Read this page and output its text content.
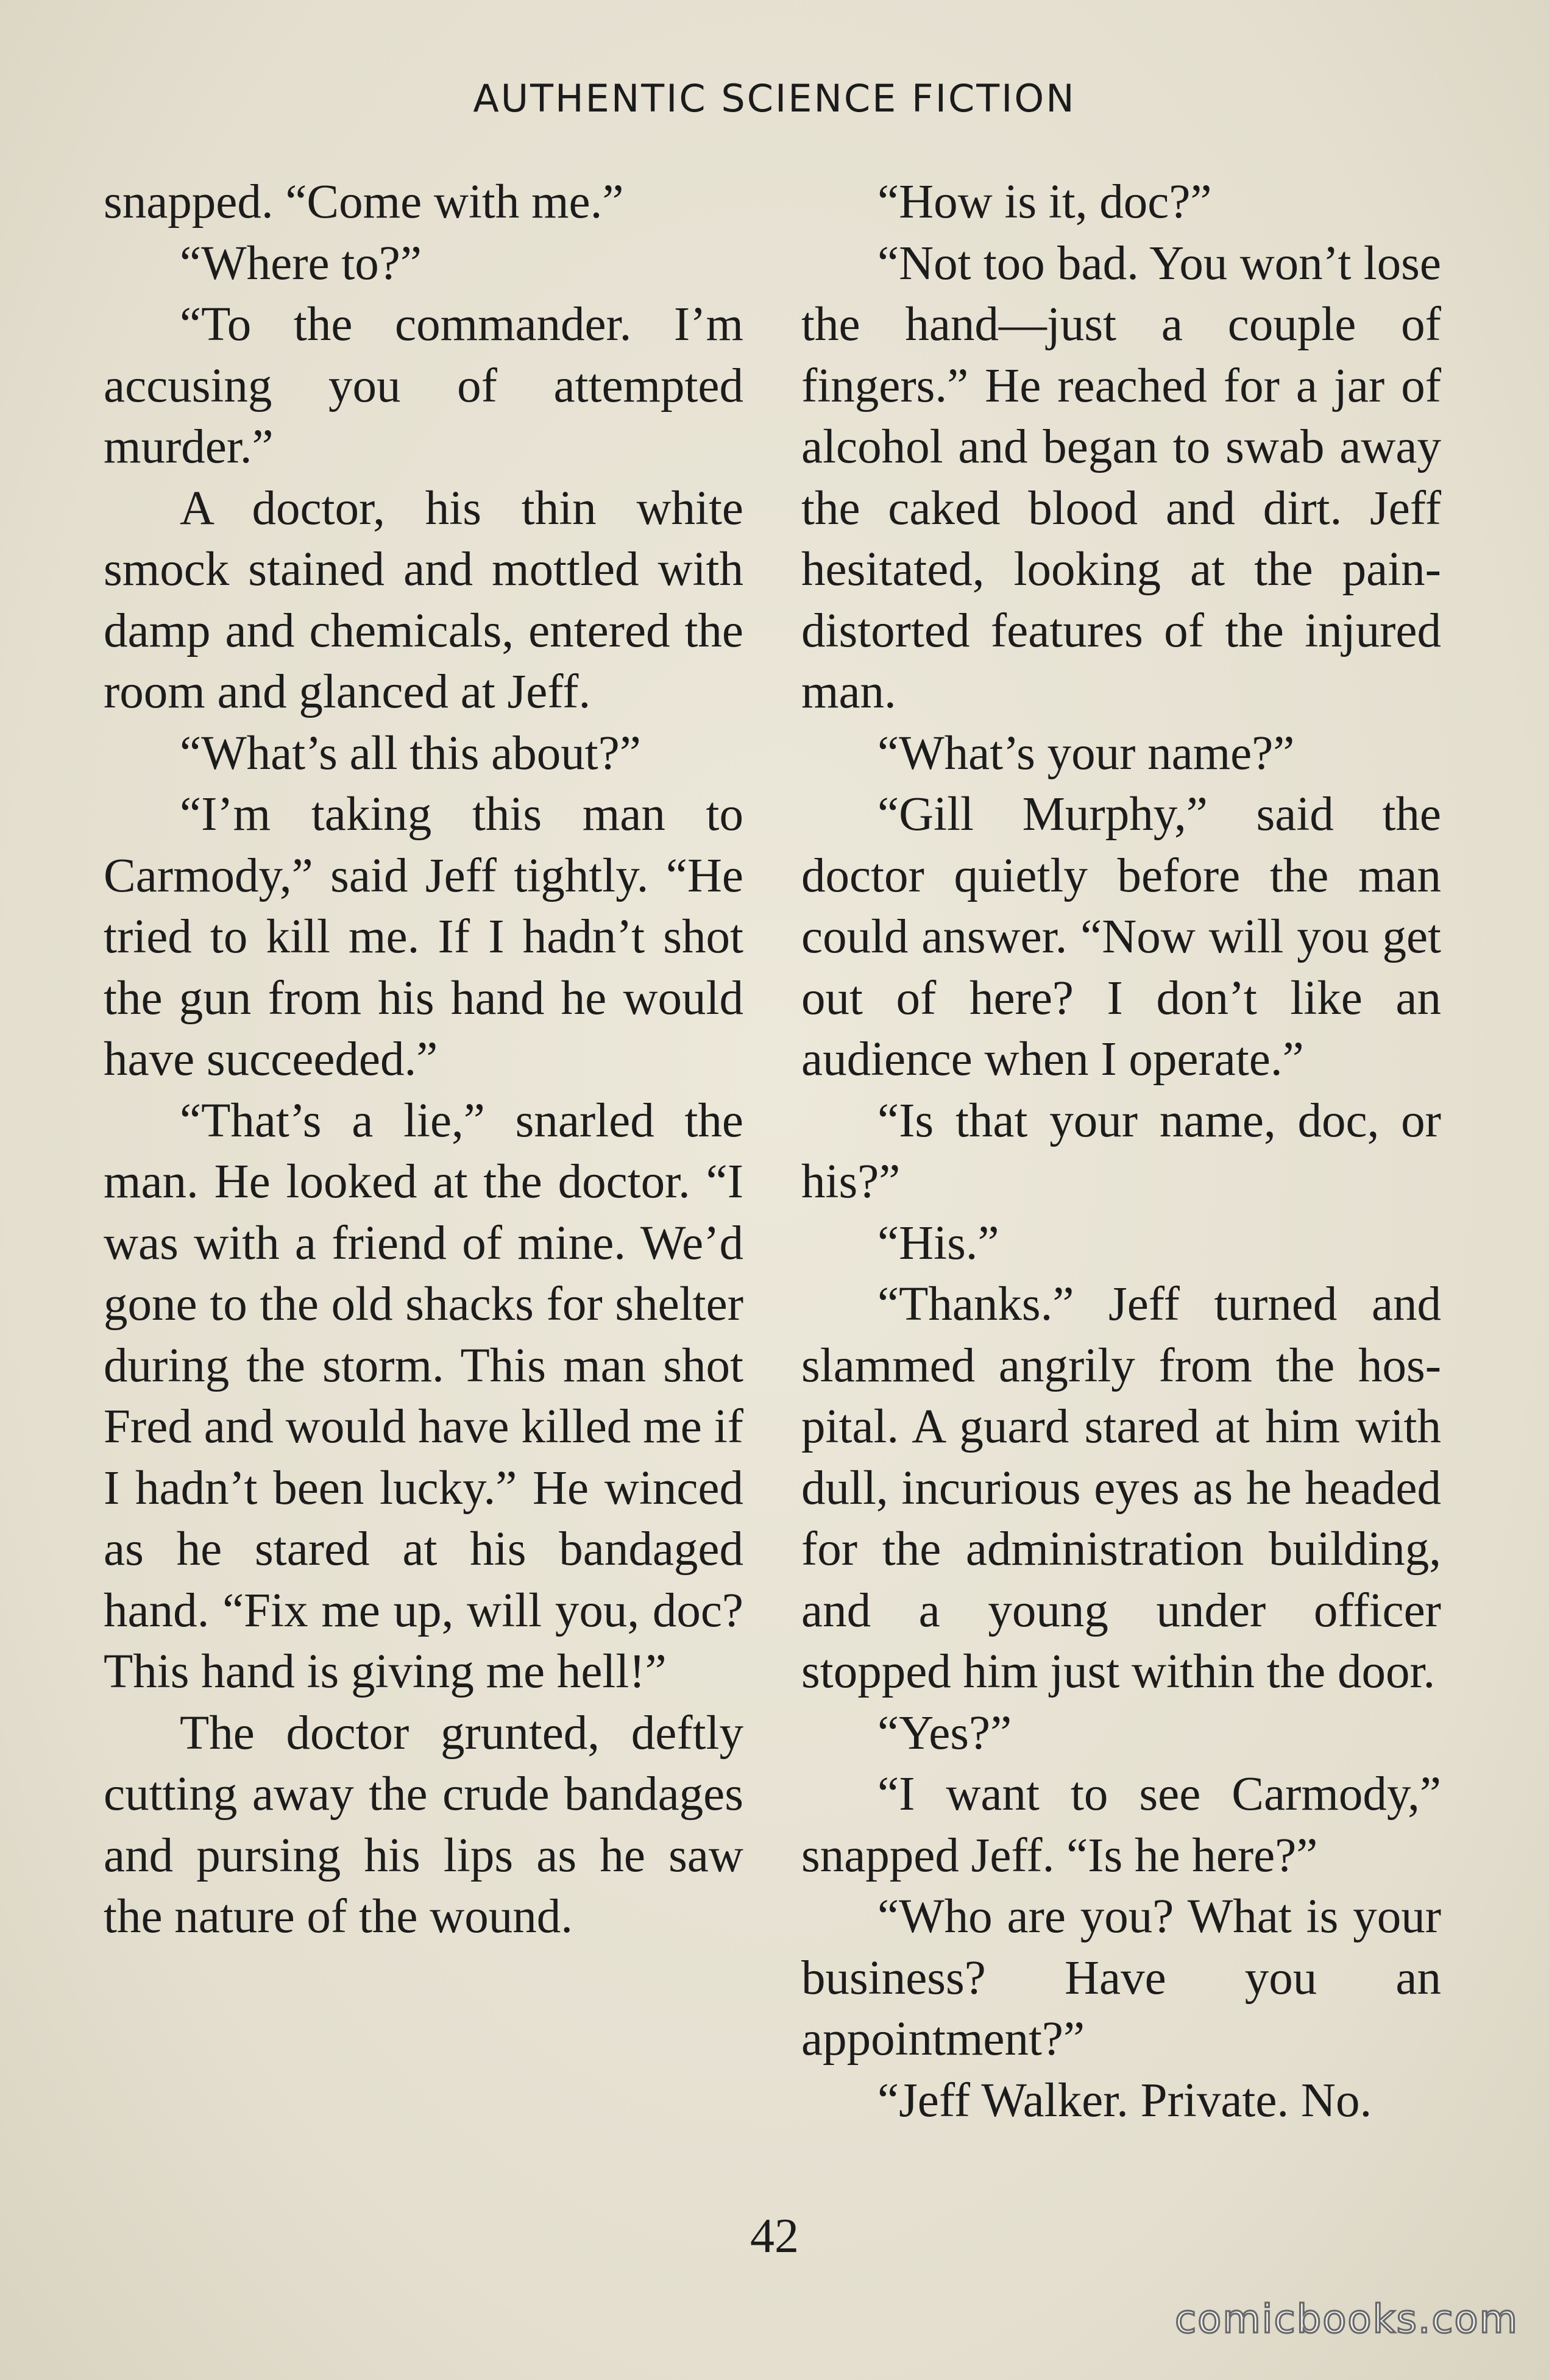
AUTHENTIC SCIENCE FICTION

snapped. “Come with me.”

“Where to?”

“To the commander. I’m accusing you of attempted murder.”

A doctor, his thin white smock stained and mottled with damp and chemicals, entered the room and glanced at Jeff.

“What’s all this about?”

“I’m taking this man to Carmody,” said Jeff tightly. “He tried to kill me. If I hadn’t shot the gun from his hand he would have succeeded.”

“That’s a lie,” snarled the man. He looked at the doctor. “I was with a friend of mine. We’d gone to the old shacks for shelter during the storm. This man shot Fred and would have killed me if I hadn’t been lucky.” He winced as he stared at his bandaged hand. “Fix me up, will you, doc? This hand is giving me hell!”

The doctor grunted, deftly cutting away the crude bandages and pursing his lips as he saw the nature of the wound.

“How is it, doc?”

“Not too bad. You won’t lose the hand—just a couple of fingers.” He reached for a jar of alcohol and began to swab away the caked blood and dirt. Jeff hesitated, looking at the pain-distorted features of the injured man.

“What’s your name?”

“Gill Murphy,” said the doctor quietly before the man could answer. “Now will you get out of here? I don’t like an audience when I operate.”

“Is that your name, doc, or his?”

“His.”

“Thanks.” Jeff turned and slammed angrily from the hospital. A guard stared at him with dull, incurious eyes as he headed for the administration building, and a young under officer stopped him just within the door.

“Yes?”

“I want to see Carmody,” snapped Jeff. “Is he here?”

“Who are you? What is your business? Have you an appointment?”

“Jeff Walker. Private. No.

42
comicbooks.com
